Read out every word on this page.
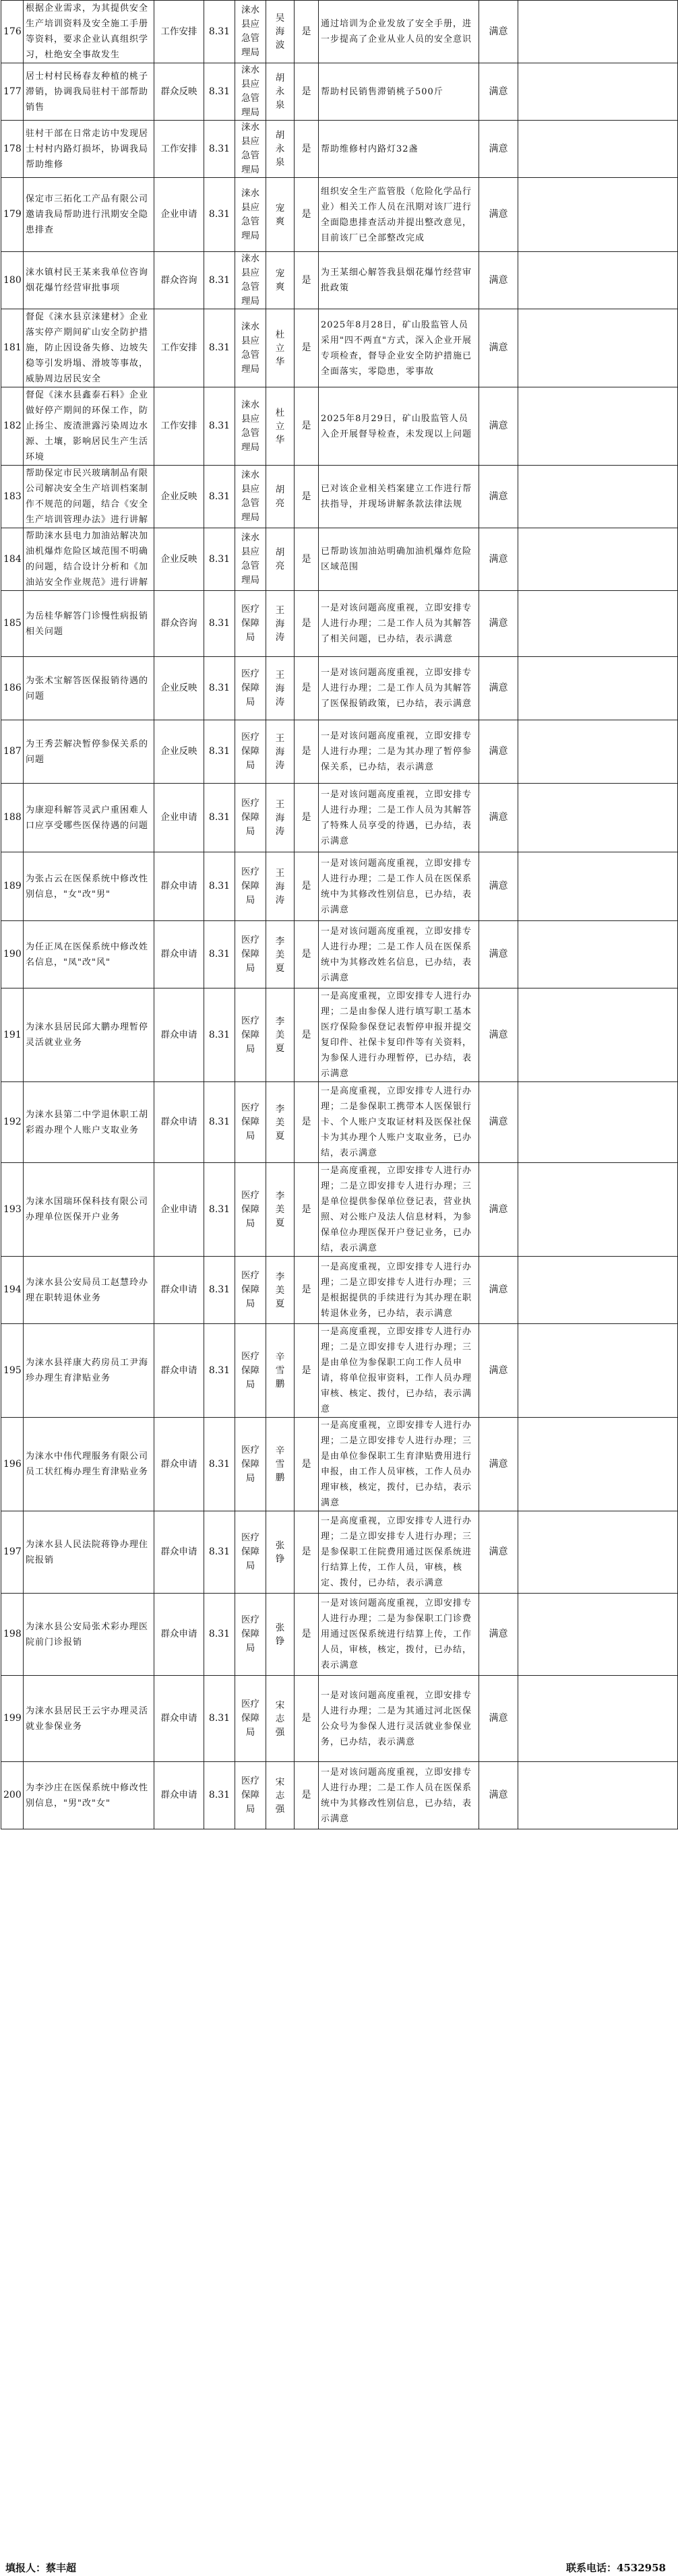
176	根据企业需求，为其提供安全生产培训资料及安全施工手册等资料，要求企业认真组织学习，杜绝安全事故发生	工作安排	8.31	涞水县应急管理局	吴海波	是	通过培训为企业发放了安全手册，进一步提高了企业从业人员的安全意识	满意	
177	居士村村民杨春友种植的桃子滞销，协调我局驻村干部帮助销售	群众反映	8.31	涞水县应急管理局	胡永泉	是	帮助村民销售滞销桃子500斤	满意	
178	驻村干部在日常走访中发现居士村村内路灯损坏，协调我局帮助维修	工作安排	8.31	涞水县应急管理局	胡永泉	是	帮助维修村内路灯32盏	满意	
179	保定市三拓化工产品有限公司邀请我局帮助进行汛期安全隐患排查	企业申请	8.31	涞水县应急管理局	宠爽	是	组织安全生产监管股（危险化学品行业）相关工作人员在汛期对该厂进行全面隐患排查活动并提出整改意见，目前该厂已全部整改完成	满意	
180	涞水镇村民王某来我单位咨询烟花爆竹经营审批事项	群众咨询	8.31	涞水县应急管理局	宠爽	是	为王某细心解答我县烟花爆竹经营审批政策	满意	
181	督促《涞水县京涞建材》企业落实停产期间矿山安全防护措施，防止因设备失修、边坡失稳等引发坍塌、滑坡等事故，威胁周边居民安全	工作安排	8.31	涞水县应急管理局	杜立华	是	2025年8月28日，矿山股监管人员采用"四不两直"方式，深入企业开展专项检查，督导企业安全防护措施已全面落实，零隐患，零事故	满意	
182	督促《涞水县鑫泰石料》企业做好停产期间的环保工作，防止扬尘、废渣泄露污染周边水源、土壤，影响居民生产生活环境	工作安排	8.31	涞水县应急管理局	杜立华	是	2025年8月29日，矿山股监管人员入企开展督导检查，未发现以上问题	满意	
183	帮助保定市民兴玻璃制品有限公司解决安全生产培训档案制作不规范的问题，结合《安全生产培训管理办法》进行讲解	企业反映	8.31	涞水县应急管理局	胡亮	是	已对该企业相关档案建立工作进行帮扶指导，并现场讲解条款法律法规	满意	
184	帮助涞水县电力加油站解决加油机爆炸危险区域范围不明确的问题，结合设计分析和《加油站安全作业规范》进行讲解	企业反映	8.31	涞水县应急管理局	胡亮	是	已帮助该加油站明确加油机爆炸危险区域范围	满意	
185	为岳桂华解答门诊慢性病报销相关问题	群众咨询	8.31	医疗保障局	王海涛	是	一是对该问题高度重视，立即安排专人进行办理；二是工作人员为其解答了相关问题，已办结，表示满意	满意	
186	为张术宝解答医保报销待遇的问题	企业反映	8.31	医疗保障局	王海涛	是	一是对该问题高度重视，立即安排专人进行办理；二是工作人员为其解答了医保报销政策，已办结，表示满意	满意	
187	为王秀芸解决暂停参保关系的问题	企业反映	8.31	医疗保障局	王海涛	是	一是对该问题高度重视，立即安排专人进行办理；二是为其办理了暂停参保关系，已办结，表示满意	满意	
188	为康迎科解答灵武户重困难人口应享受哪些医保待遇的问题	企业申请	8.31	医疗保障局	王海涛	是	一是对该问题高度重视，立即安排专人进行办理；二是工作人员为其解答了特殊人员享受的待遇，已办结，表示满意	满意	
189	为张占云在医保系统中修改性别信息，"女"改"男"	群众申请	8.31	医疗保障局	王海涛	是	一是对该问题高度重视，立即安排专人进行办理；二是工作人员在医保系统中为其修改性别信息，已办结，表示满意	满意	
190	为任正凤在医保系统中修改姓名信息，"凤"改"风"	群众申请	8.31	医疗保障局	李美夏	是	一是对该问题高度重视，立即安排专人进行办理；二是工作人员在医保系统中为其修改姓名信息，已办结，表示满意	满意	
191	为涞水县居民邱大鹏办理暂停灵活就业业务	群众申请	8.31	医疗保障局	李美夏	是	一是高度重视，立即安排专人进行办理；二是由参保人进行填写职工基本医疗保险参保登记表暂停申报并提交复印件、社保卡复印件等有关资料，为参保人进行办理暂停，已办结，表示满意	满意	
192	为涞水县第二中学退休职工胡彩霞办理个人账户支取业务	群众申请	8.31	医疗保障局	李美夏	是	一是高度重视，立即安排专人进行办理；二是参保职工携带本人医保银行卡、个人账户支取证材料及医保社保卡为其办理个人账户支取业务，已办结，表示满意	满意	
193	为涞水国瑞环保科技有限公司办理单位医保开户业务	企业申请	8.31	医疗保障局	李美夏	是	一是高度重视，立即安排专人进行办理；二是立即安排专人进行办理；三是单位提供参保单位登记表，营业执照、对公账户及法人信息材料，为参保单位办理医保开户登记业务，已办结，表示满意	满意	
194	为涞水县公安局员工赵慧玲办理在职转退休业务	群众申请	8.31	医疗保障局	李美夏	是	一是高度重视，立即安排专人进行办理；二是立即安排专人进行办理；三是根据提供的手续进行为其办理在职转退休业务，已办结，表示满意	满意	
195	为涞水县祥康大药房员工尹海珍办理生育津贴业务	群众申请	8.31	医疗保障局	辛雪鹏	是	一是高度重视，立即安排专人进行办理；二是立即安排专人进行办理；三是由单位为参保职工向工作人员申请，将单位报审资料，工作人员办理审核、核定、拨付，已办结，表示满意	满意	
196	为涞水中伟代理服务有限公司员工状红梅办理生育津贴业务	群众申请	8.31	医疗保障局	辛雪鹏	是	一是高度重视，立即安排专人进行办理；二是立即安排专人进行办理；三是由单位参保职工生育津贴费用进行申报，由工作人员审核，工作人员办理审核，核定，拨付，已办结，表示满意	满意	
197	为涞水县人民法院蒋铮办理住院报销	群众申请	8.31	医疗保障局	张铮	是	一是高度重视，立即安排专人进行办理；二是立即安排专人进行办理；三是参保职工住院费用通过医保系统进行结算上传，工作人员，审核，核定、拨付，已办结，表示满意	满意	
198	为涞水县公安局张术彩办理医院前门诊报销	群众申请	8.31	医疗保障局	张铮	是	一是对该问题高度重视，立即安排专人进行办理；二是为参保职工门诊费用通过医保系统进行结算上传，工作人员，审核，核定，拨付，已办结，表示满意	满意	
199	为涞水县居民王云宇办理灵活就业参保业务	群众申请	8.31	医疗保障局	宋志强	是	一是对该问题高度重视，立即安排专人进行办理；二是为其通过河北医保公众号为参保人进行灵活就业参保业务，已办结，表示满意	满意	
200	为李沙庄在医保系统中修改性别信息，"男"改"女"	群众申请	8.31	医疗保障局	宋志强	是	一是对该问题高度重视，立即安排专人进行办理；二是工作人员在医保系统中为其修改性别信息，已办结，表示满意	满意	
填报人：蔡丰超	联系电话：4532958
